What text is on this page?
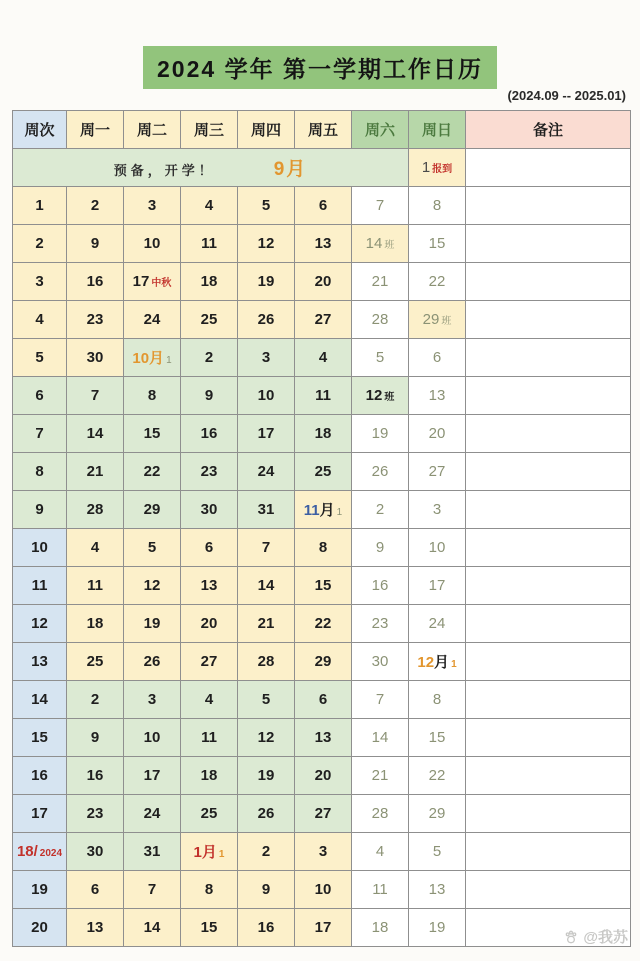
2024 学年 第一学期工作日历
(2024.09 -- 2025.01)
周次	周一	周二	周三	周四	周五	周六	周日	备注
预备，开学！ 9月							1 报到	
1	2	3	4	5	6	7	8	
2	9	10	11	12	13	14 班	15	
3	16	17 中秋	18	19	20	21	22	
4	23	24	25	26	27	28	29 班	
5	30	10月 1	2	3	4	5	6	
6	7	8	9	10	11	12 班	13	
7	14	15	16	17	18	19	20	
8	21	22	23	24	25	26	27	
9	28	29	30	31	11月 1	2	3	
10	4	5	6	7	8	9	10	
11	11	12	13	14	15	16	17	
12	18	19	20	21	22	23	24	
13	25	26	27	28	29	30	12月 1	
14	2	3	4	5	6	7	8	
15	9	10	11	12	13	14	15	
16	16	17	18	19	20	21	22	
17	23	24	25	26	27	28	29	
18/ 2024	30	31	1月 1	2	3	4	5	
19	6	7	8	9	10	11	13	
20	13	14	15	16	17	18	19	
@我苏
